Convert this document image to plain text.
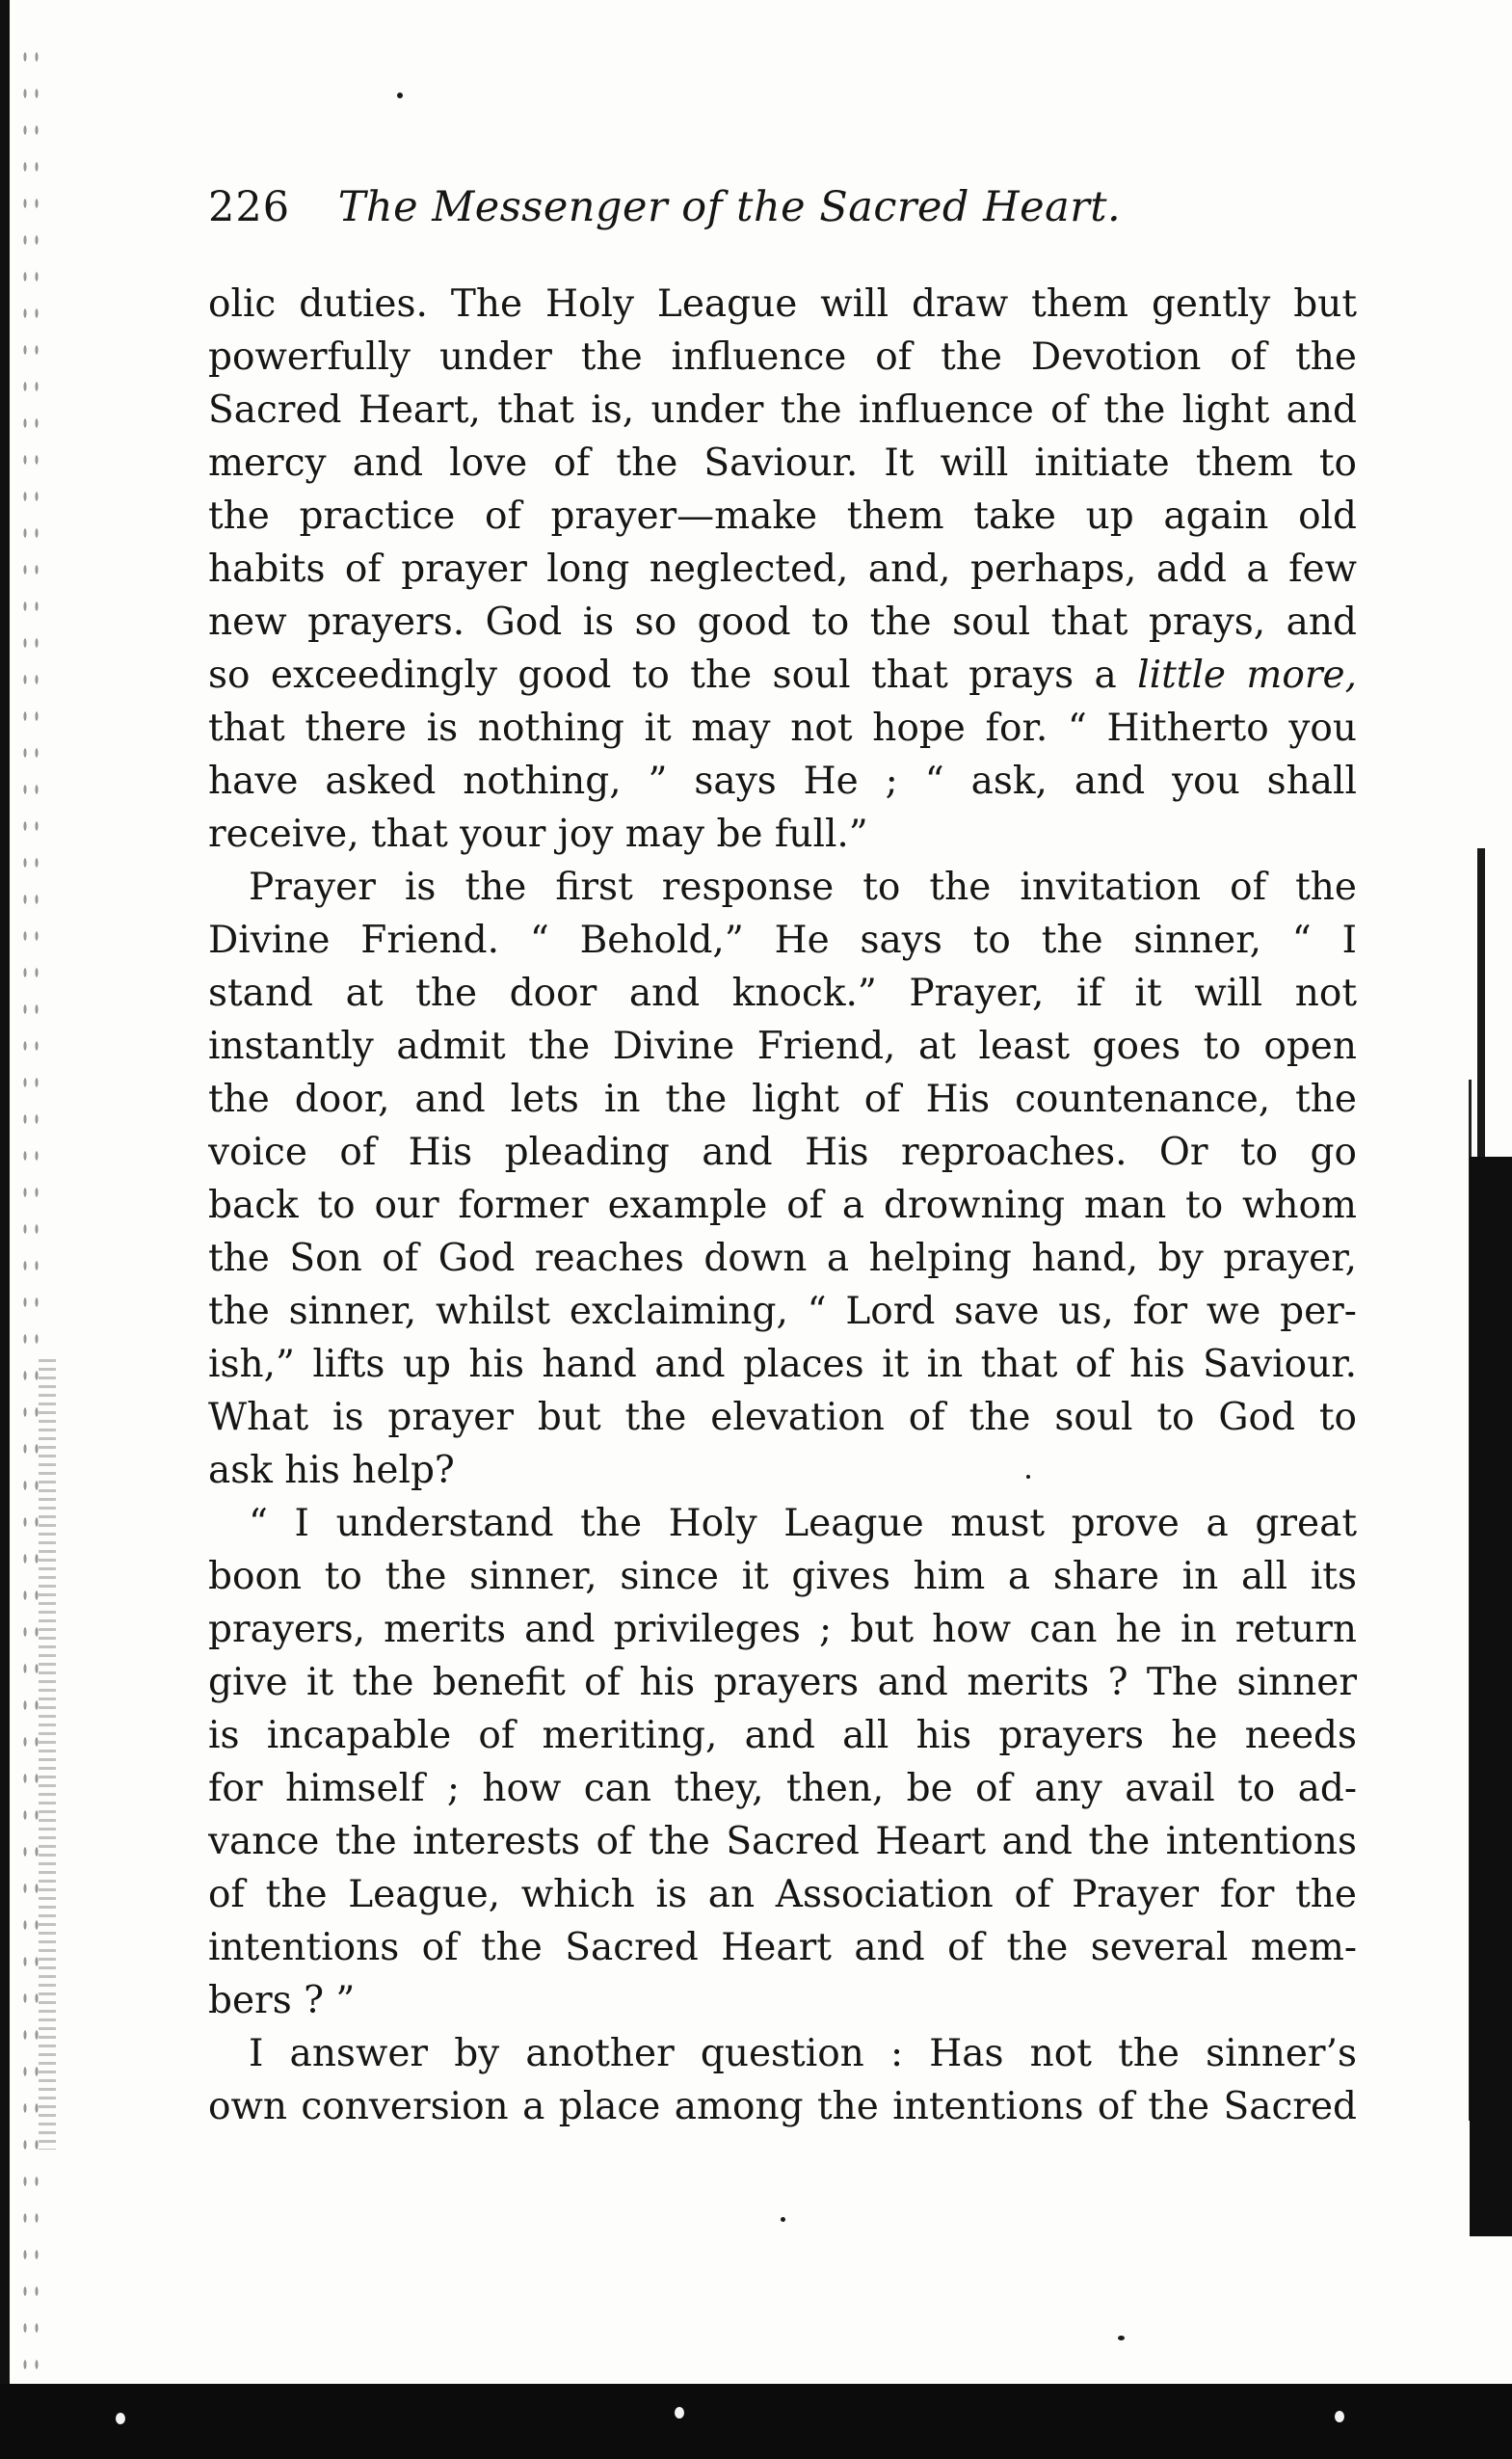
226 The Messenger of the Sacred Heart.
olic duties. The Holy League will draw them gently but
powerfully under the influence of the Devotion of the
Sacred Heart, that is, under the influence of the light and
mercy and love of the Saviour. It will initiate them to
the practice of prayer—make them take up again old
habits of prayer long neglected, and, perhaps, add a few
new prayers. God is so good to the soul that prays, and
so exceedingly good to the soul that prays a little more,
that there is nothing it may not hope for. “ Hitherto you
have asked nothing, ” says He ; “ ask, and you shall
receive, that your joy may be full.”
Prayer is the first response to the invitation of the
Divine Friend. “ Behold,” He says to the sinner, “ I
stand at the door and knock.” Prayer, if it will not
instantly admit the Divine Friend, at least goes to open
the door, and lets in the light of His countenance, the
voice of His pleading and His reproaches. Or to go
back to our former example of a drowning man to whom
the Son of God reaches down a helping hand, by prayer,
the sinner, whilst exclaiming, “ Lord save us, for we per-
ish,” lifts up his hand and places it in that of his Saviour.
What is prayer but the elevation of the soul to God to
ask his help?
“ I understand the Holy League must prove a great
boon to the sinner, since it gives him a share in all its
prayers, merits and privileges ; but how can he in return
give it the benefit of his prayers and merits ? The sinner
is incapable of meriting, and all his prayers he needs
for himself ; how can they, then, be of any avail to ad-
vance the interests of the Sacred Heart and the intentions
of the League, which is an Association of Prayer for the
intentions of the Sacred Heart and of the several mem-
bers ? ”
I answer by another question : Has not the sinner’s
own conversion a place among the intentions of the Sacred
